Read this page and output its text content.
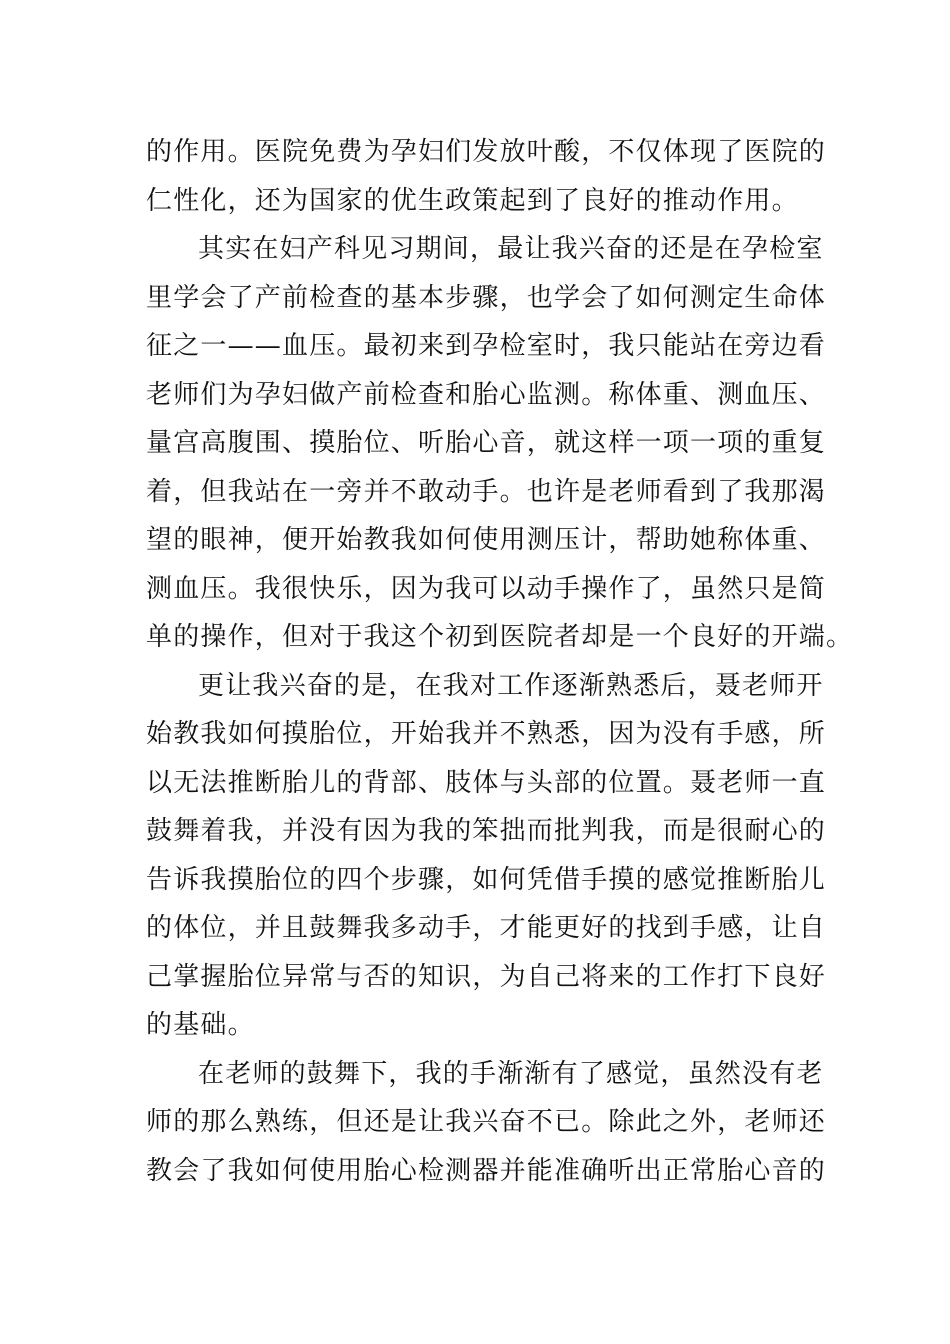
的作用。医院免费为孕妇们发放叶酸，不仅体现了医院的
仁性化，还为国家的优生政策起到了良好的推动作用。
其实在妇产科见习期间，最让我兴奋的还是在孕检室
里学会了产前检查的基本步骤，也学会了如何测定生命体
征之一——血压。最初来到孕检室时，我只能站在旁边看
老师们为孕妇做产前检查和胎心监测。称体重、测血压、
量宫高腹围、摸胎位、听胎心音，就这样一项一项的重复
着，但我站在一旁并不敢动手。也许是老师看到了我那渴
望的眼神，便开始教我如何使用测压计，帮助她称体重、
测血压。我很快乐，因为我可以动手操作了，虽然只是简
单的操作，但对于我这个初到医院者却是一个良好的开端。
更让我兴奋的是，在我对工作逐渐熟悉后，聂老师开
始教我如何摸胎位，开始我并不熟悉，因为没有手感，所
以无法推断胎儿的背部、肢体与头部的位置。聂老师一直
鼓舞着我，并没有因为我的笨拙而批判我，而是很耐心的
告诉我摸胎位的四个步骤，如何凭借手摸的感觉推断胎儿
的体位，并且鼓舞我多动手，才能更好的找到手感，让自
己掌握胎位异常与否的知识，为自己将来的工作打下良好
的基础。
在老师的鼓舞下，我的手渐渐有了感觉，虽然没有老
师的那么熟练，但还是让我兴奋不已。除此之外，老师还
教会了我如何使用胎心检测器并能准确听出正常胎心音的
